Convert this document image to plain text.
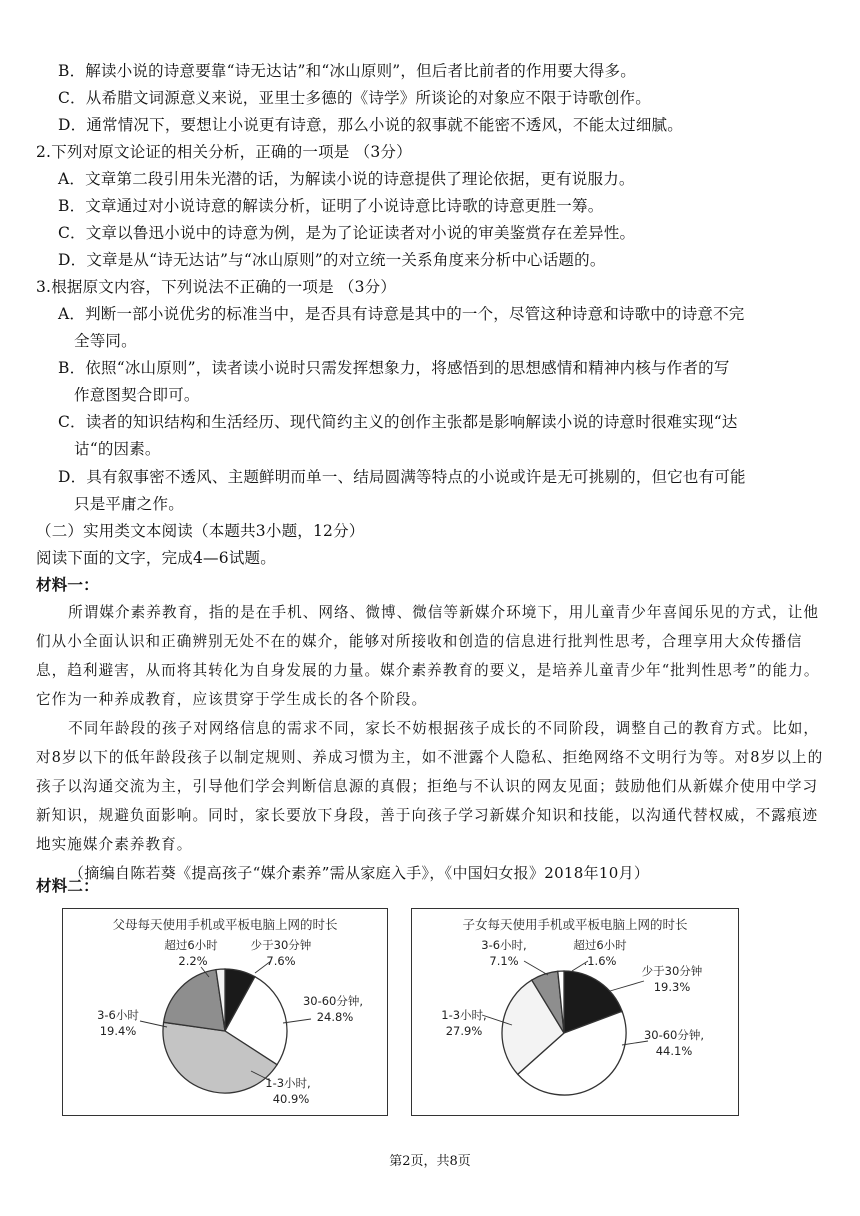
B．解读小说的诗意要靠“诗无达诂”和“冰山原则”，但后者比前者的作用要大得多。
C．从希腊文词源意义来说，亚里士多德的《诗学》所谈论的对象应不限于诗歌创作。
D．通常情况下，要想让小说更有诗意，那么小说的叙事就不能密不透风，不能太过细腻。
2.下列对原文论证的相关分析，正确的一项是 （3分）
A．文章第二段引用朱光潜的话，为解读小说的诗意提供了理论依据，更有说服力。
B．文章通过对小说诗意的解读分析，证明了小说诗意比诗歌的诗意更胜一筹。
C．文章以鲁迅小说中的诗意为例，是为了论证读者对小说的审美鉴赏存在差异性。
D．文章是从“诗无达诂”与“冰山原则”的对立统一关系角度来分析中心话题的。
3.根据原文内容，下列说法不正确的一项是 （3分）
A．判断一部小说优劣的标准当中，是否具有诗意是其中的一个，尽管这种诗意和诗歌中的诗意不完
全等同。
B．依照“冰山原则”，读者读小说时只需发挥想象力，将感悟到的思想感情和精神内核与作者的写
作意图契合即可。
C．读者的知识结构和生活经历、现代简约主义的创作主张都是影响解读小说的诗意时很难实现“达
诂“的因素。
D．具有叙事密不透风、主题鲜明而单一、结局圆满等特点的小说或许是无可挑剔的，但它也有可能
只是平庸之作。
（二）实用类文本阅读（本题共3小题，12分）
阅读下面的文字，完成4—6试题。
材料一：

所谓媒介素养教育，指的是在手机、网络、微博、微信等新媒介环境下，用儿童青少年喜闻乐见的方式，让他们从小全面认识和正确辨别无处不在的媒介，能够对所接收和创造的信息进行批判性思考，合理享用大众传播信息，趋利避害，从而将其转化为自身发展的力量。媒介素养教育的要义，是培养儿童青少年“批判性思考”的能力。它作为一种养成教育，应该贯穿于学生成长的各个阶段。

不同年龄段的孩子对网络信息的需求不同，家长不妨根据孩子成长的不同阶段，调整自己的教育方式。比如，对8岁以下的低年龄段孩子以制定规则、养成习惯为主，如不泄露个人隐私、拒绝网络不文明行为等。对8岁以上的孩子以沟通交流为主，引导他们学会判断信息源的真假；拒绝与不认识的网友见面；鼓励他们从新媒介使用中学习新知识，规避负面影响。同时，家长要放下身段，善于向孩子学习新媒介知识和技能，以沟通代替权威，不露痕迹地实施媒介素养教育。

（摘编自陈若葵《提高孩子“媒介素养”需从家庭入手》，《中国妇女报》2018年10月）

材料二：
父母每天使用手机或平板电脑上网的时长
少于30分钟
7.6%
30-60分钟,
24.8%
1-3小时,
40.9%
3-6小时
19.4%
超过6小时
2.2%
子女每天使用手机或平板电脑上网的时长
少于30分钟
19.3%
30-60分钟,
44.1%
1-3小时,
27.9%
3-6小时,
7.1%
超过6小时
.1.6%
第2页，共8页
